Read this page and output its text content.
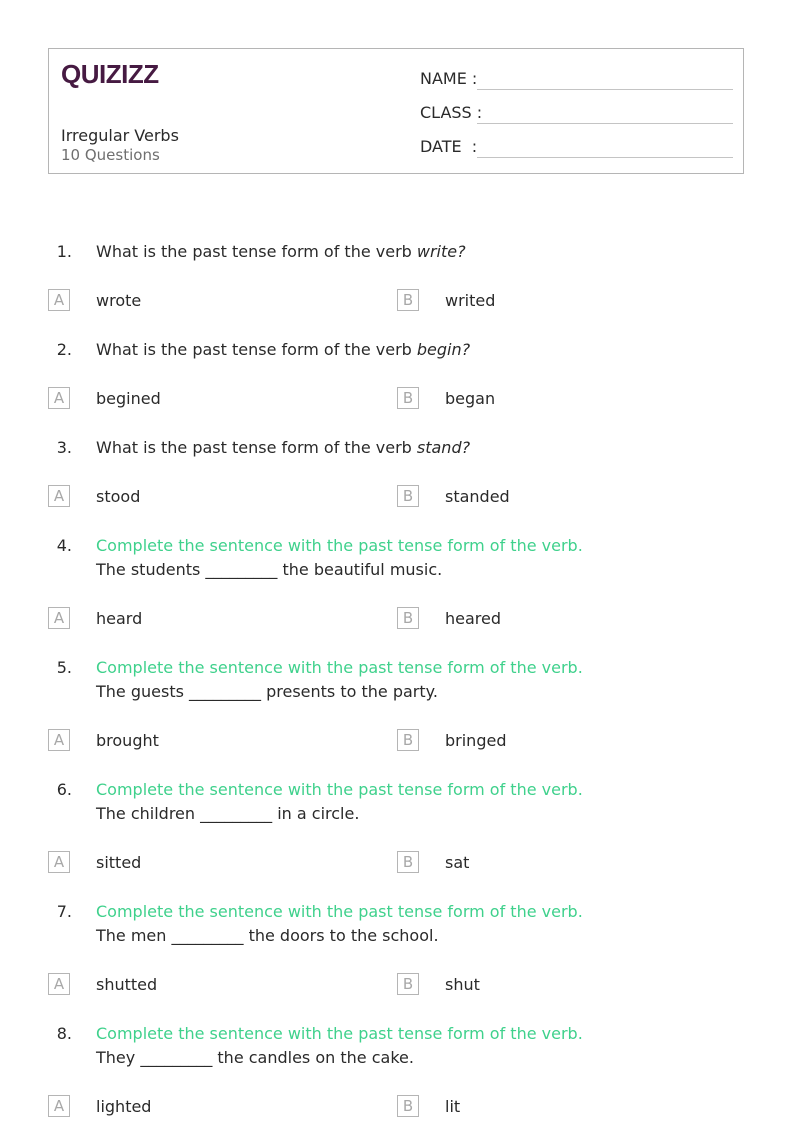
QUIZIZZ
Irregular Verbs
10 Questions
NAME :
CLASS :
DATE  :
1. What is the past tense form of the verb write?
A	wrote	B	writed
2. What is the past tense form of the verb begin?
A	begined	B	began
3. What is the past tense form of the verb stand?
A	stood	B	standed
4. Complete the sentence with the past tense form of the verb.
The students _________ the beautiful music.
A	heard	B	heared
5. Complete the sentence with the past tense form of the verb.
The guests _________ presents to the party.
A	brought	B	bringed
6. Complete the sentence with the past tense form of the verb.
The children _________ in a circle.
A	sitted	B	sat
7. Complete the sentence with the past tense form of the verb.
The men _________ the doors to the school.
A	shutted	B	shut
8. Complete the sentence with the past tense form of the verb.
They _________ the candles on the cake.
A	lighted	B	lit
